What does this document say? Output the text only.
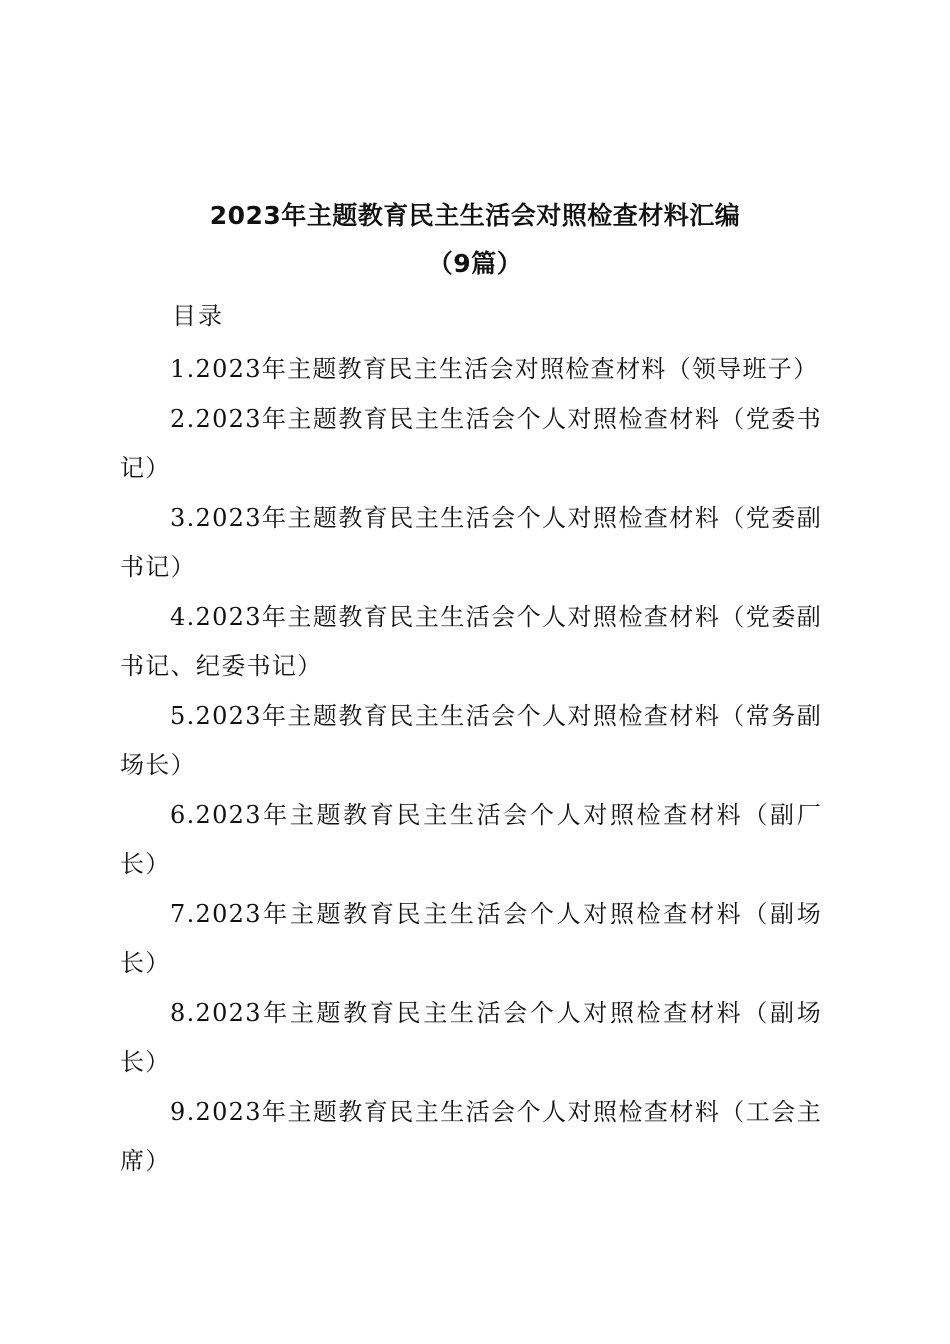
2023年主题教育民主生活会对照检查材料汇编
（9篇）
目录
1.2023年主题教育民主生活会对照检查材料（领导班子）
2.2023年主题教育民主生活会个人对照检查材料（党委书记）
3.2023年主题教育民主生活会个人对照检查材料（党委副书记）
4.2023年主题教育民主生活会个人对照检查材料（党委副书记、纪委书记）
5.2023年主题教育民主生活会个人对照检查材料（常务副场长）
6.2023年主题教育民主生活会个人对照检查材料（副厂长）
7.2023年主题教育民主生活会个人对照检查材料（副场长）
8.2023年主题教育民主生活会个人对照检查材料（副场长）
9.2023年主题教育民主生活会个人对照检查材料（工会主席）
